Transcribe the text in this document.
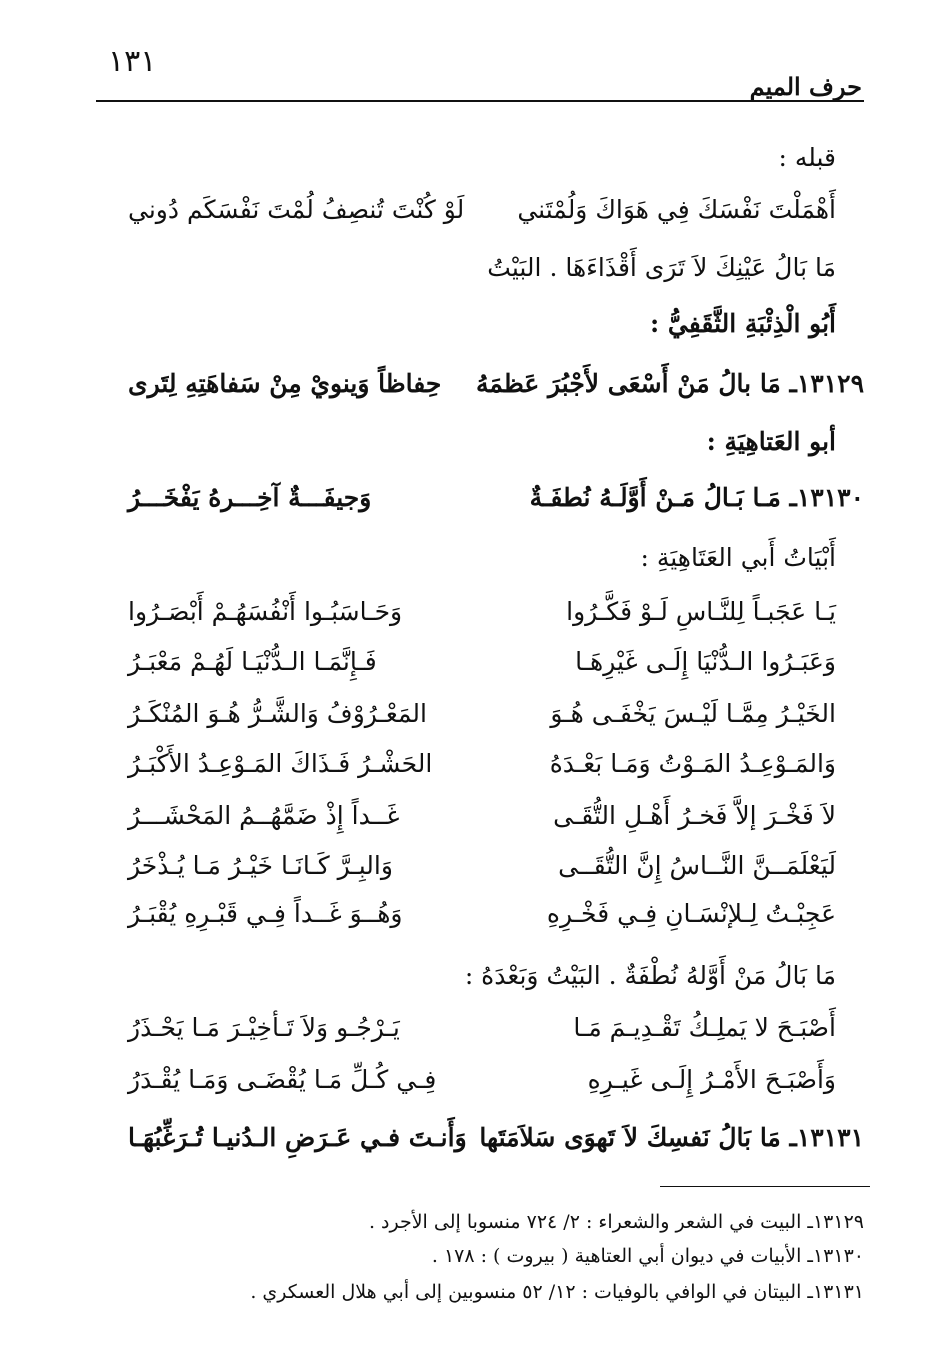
١٣١
حرف الميم
قبله :
أَهْمَلْتَ نَفْسَكَ فِي هَوَاكَ وَلُمْتَني
لَوْ كُنْتَ تُنصِفُ لُمْتَ نَفْسَكَم دُوني
مَا بَالُ عَيْنِكَ لاَ تَرَى أَقْذَاءَهَا . البَيْتُ
أَبُو الْذِئْبَةِ الثَّقَفِيُّ :
١٣١٢٩ـ مَا بالُ مَنْ أَسْعَى لأَجْبُرَ عَظمَهُ
حِفاظاً وَينويْ مِنْ سَفاهَتِهِ لِتَرى
أبو العَتاهِيَةِ :
١٣١٣٠ـ مَـا بَـالُ مَـنْ أَوَّلَـهُ نُطفَـةٌ
وَجيفَـــةٌ آخِـــرهُ يَفْخَـــرُ
أَبْيَاتُ أَبي العَتَاهِيَةِ :
يَـا عَجَبـاً لِلنَّـاسِ لَـوْ فَكَّـرُوا
وَحَـاسَبُـوا أَنْفُسَهُـمْ أَبْصَـرُوا
وَعَبَـرُوا الـدُّنْيَا إِلَـى غَيْرِهَـا
فَـإِنَّمَـا الـدُّنْيَـا لَهُـمْ مَعْبَـرُ
الخَيْـرُ مِمَّـا لَيْـسَ يَخْفَـى هُـوَ
المَعْـرُوْفُ وَالشَّـرُّ هُـوَ المُنْكَـرُ
وَالمَـوْعِـدُ المَـوْتُ وَمَـا بَعْـدَهُ
الحَشْـرُ فَـذَاكَ المَـوْعِـدُ الأَكْبَـرُ
لاَ فَخْـرَ إلاَّ فَخـرُ أَهْـلِ التُّقَـى
غَــداً إِذْ ضَمَّهُــمُ المَحْشَـــرُ
لَيَعْلَمَــنَّ النَّــاسُ إِنَّ التُّقَــى
وَالبِـرَّ كَـانَـا خَيْـرُ مَـا يُـذْخَرُ
عَجِبْـتُ لِـلإنْسَـانِ فِـي فَخْـرِهِ
وَهُــوَ غَــداً فِـي قَبْـرِهِ يُقْبَـرُ
مَا بَالُ مَنْ أَوَّلهُ نُطْفَةٌ . البَيْتُ وَبَعْدَهُ :
أَصْبَـحَ لا يَملِـكُ تَقْـدِيـمَ مَـا
يَـرْجُـو وَلاَ تَـأخِيْـرَ مَـا يَحْـذَرُ
وَأَصْبَـحَ الأَمْـرُ إِلَـى غَيـرِهِ
فِـي كُـلِّ مَـا يُقْضَـى وَمَـا يُقْـدَرُ
١٣١٣١ـ مَا بَالُ نَفسِكَ لاَ تَهوَى سَلاَمَتَها
وَأَنـتَ فـي عَـرَضِ الـدُنيـا تُـرَغِّبُهَـا
١٣١٢٩ـ البيت في الشعر والشعراء : ٢/ ٧٢٤ منسوبا إلى الأجرد .
١٣١٣٠ـ الأبيات في ديوان أبي العتاهية ( بيروت ) : ١٧٨ .
١٣١٣١ـ البيتان في الوافي بالوفيات : ١٢/ ٥٢ منسوبين إلى أبي هلال العسكري .
